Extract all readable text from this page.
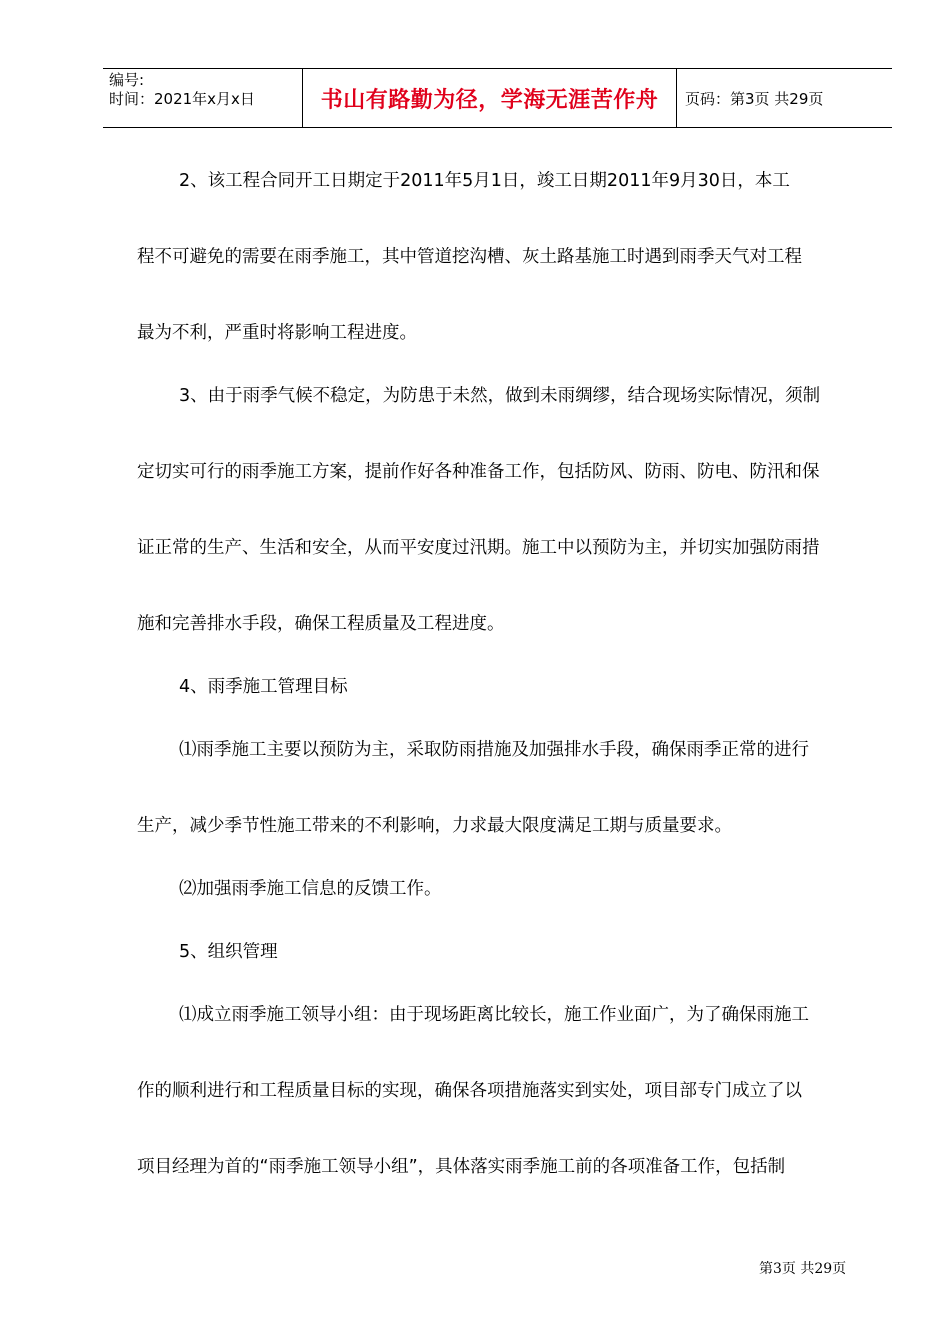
编号:
时间：2021年x月x日	书山有路勤为径，学海无涯苦作舟	页码：第3页 共29页
2、该工程合同开工日期定于2011年5月1日，竣工日期2011年9月30日，本工
程不可避免的需要在雨季施工，其中管道挖沟槽、灰土路基施工时遇到雨季天气对工程
最为不利，严重时将影响工程进度。
3、由于雨季气候不稳定，为防患于未然，做到未雨绸缪，结合现场实际情况，须制
定切实可行的雨季施工方案，提前作好各种准备工作，包括防风、防雨、防电、防汛和保
证正常的生产、生活和安全，从而平安度过汛期。施工中以预防为主，并切实加强防雨措
施和完善排水手段，确保工程质量及工程进度。
4、雨季施工管理目标
⑴雨季施工主要以预防为主，采取防雨措施及加强排水手段，确保雨季正常的进行
生产，减少季节性施工带来的不利影响，力求最大限度满足工期与质量要求。
⑵加强雨季施工信息的反馈工作。
5、组织管理
⑴成立雨季施工领导小组：由于现场距离比较长，施工作业面广，为了确保雨施工
作的顺利进行和工程质量目标的实现，确保各项措施落实到实处，项目部专门成立了以
项目经理为首的“雨季施工领导小组”，具体落实雨季施工前的各项准备工作，包括制
第3页 共29页
